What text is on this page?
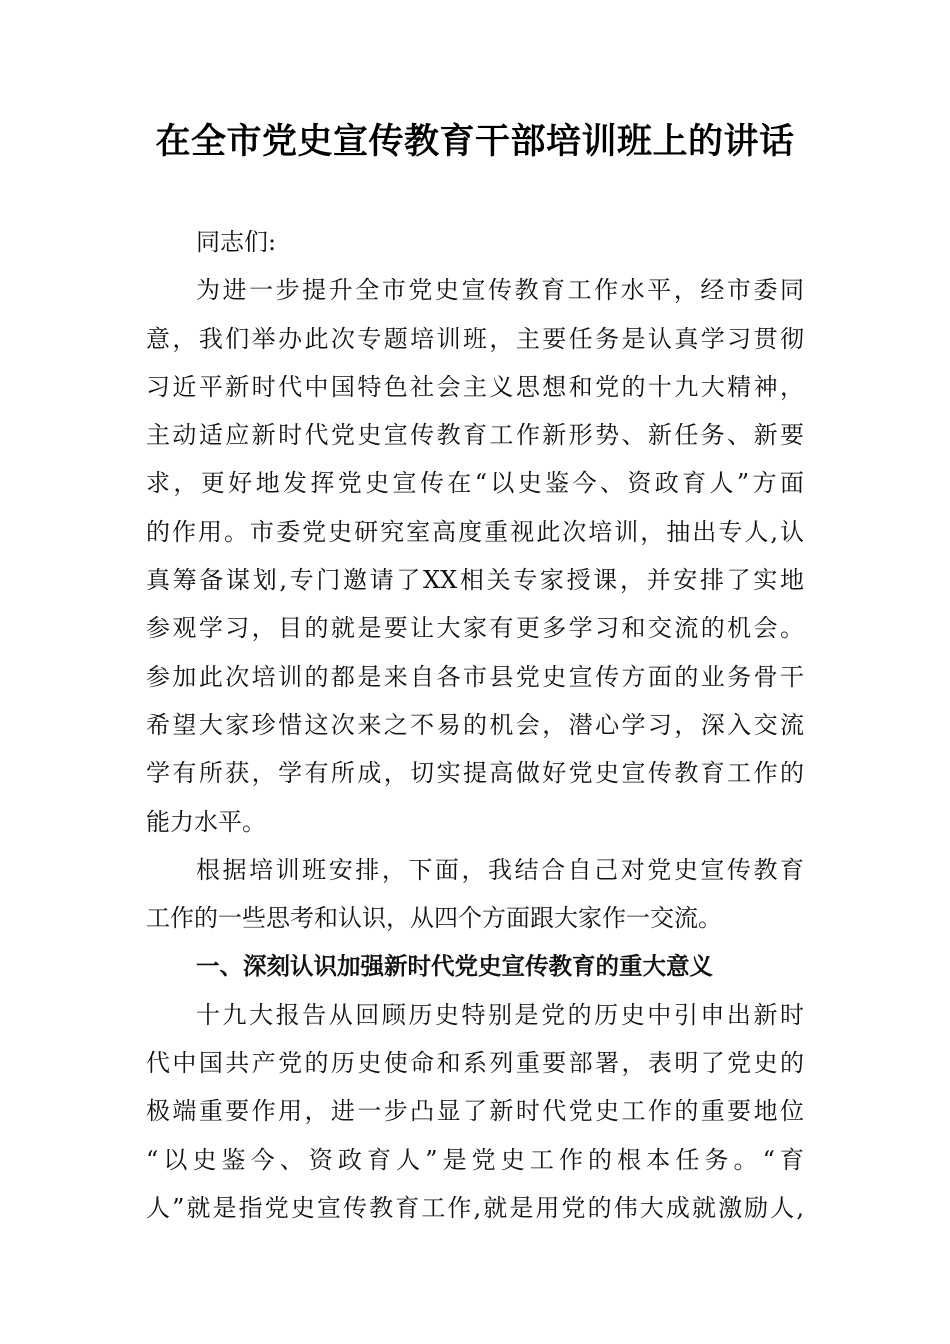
在全市党史宣传教育干部培训班上的讲话
同志们:
为进一步提升全市党史宣传教育工作水平，经市委同
意，我们举办此次专题培训班，主要任务是认真学习贯彻
习近平新时代中国特色社会主义思想和党的十九大精神，
主动适应新时代党史宣传教育工作新形势、新任务、新要
求，更好地发挥党史宣传在“以史鉴今、资政育人”方面
的作用。市委党史研究室高度重视此次培训，抽出专人,认
真筹备谋划,专门邀请了XX相关专家授课，并安排了实地
参观学习，目的就是要让大家有更多学习和交流的机会。
参加此次培训的都是来自各市县党史宣传方面的业务骨干
希望大家珍惜这次来之不易的机会，潜心学习，深入交流
学有所获，学有所成，切实提高做好党史宣传教育工作的
能力水平。
根据培训班安排，下面，我结合自己对党史宣传教育
工作的一些思考和认识，从四个方面跟大家作一交流。
一、深刻认识加强新时代党史宣传教育的重大意义
十九大报告从回顾历史特别是党的历史中引申出新时
代中国共产党的历史使命和系列重要部署，表明了党史的
极端重要作用，进一步凸显了新时代党史工作的重要地位
“以史鉴今、资政育人”是党史工作的根本任务。“育
人”就是指党史宣传教育工作,就是用党的伟大成就激励人,
